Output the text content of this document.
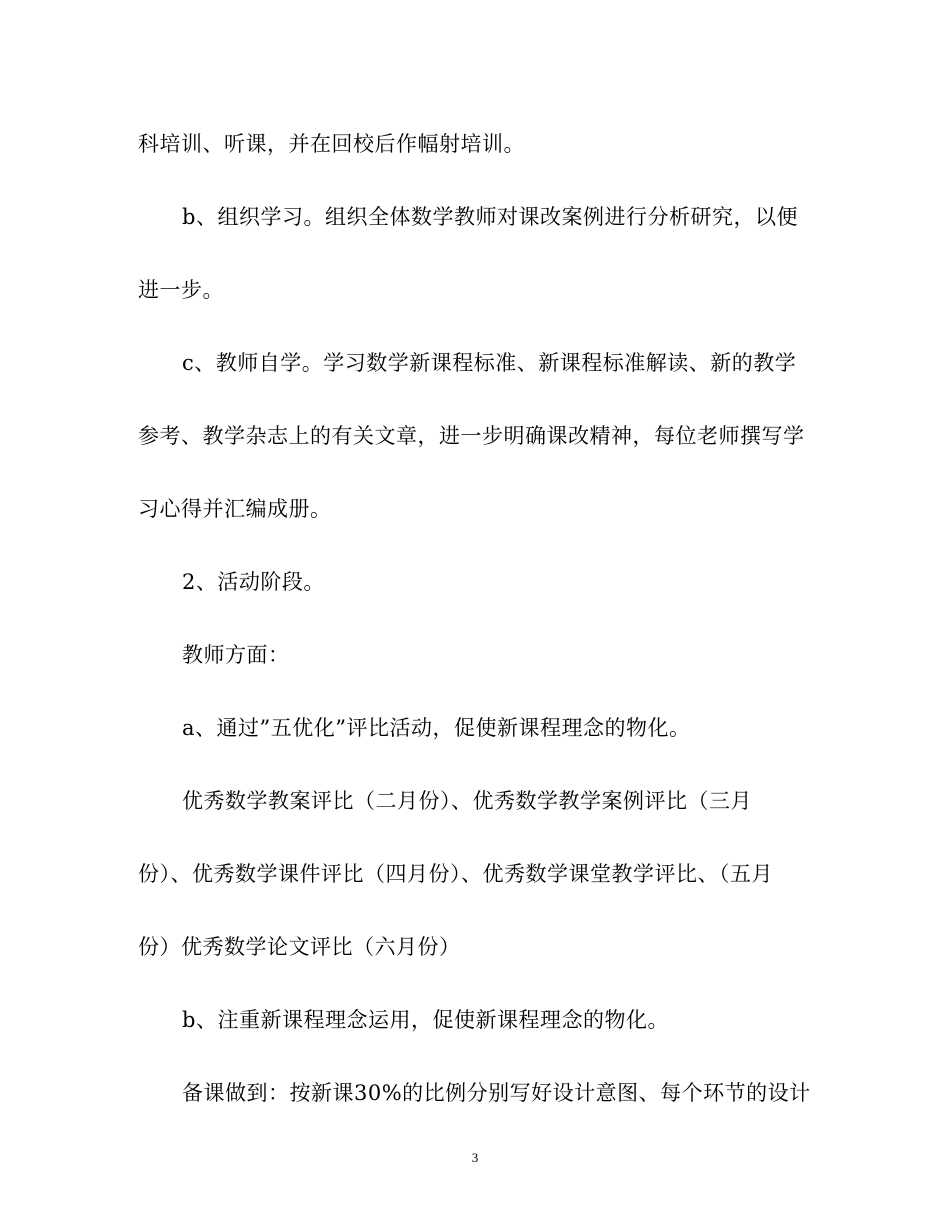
科培训、听课，并在回校后作幅射培训。
b、组织学习。组织全体数学教师对课改案例进行分析研究，以便
进一步。
c、教师自学。学习数学新课程标准、新课程标准解读、新的教学
参考、教学杂志上的有关文章，进一步明确课改精神，每位老师撰写学
习心得并汇编成册。
2、活动阶段。
教师方面：
a、通过”五优化”评比活动，促使新课程理念的物化。
优秀数学教案评比（二月份）、优秀数学教学案例评比（三月
份）、优秀数学课件评比（四月份）、优秀数学课堂教学评比、（五月
份）优秀数学论文评比（六月份）
b、注重新课程理念运用，促使新课程理念的物化。
备课做到：按新课30%的比例分别写好设计意图、每个环节的设计
3
